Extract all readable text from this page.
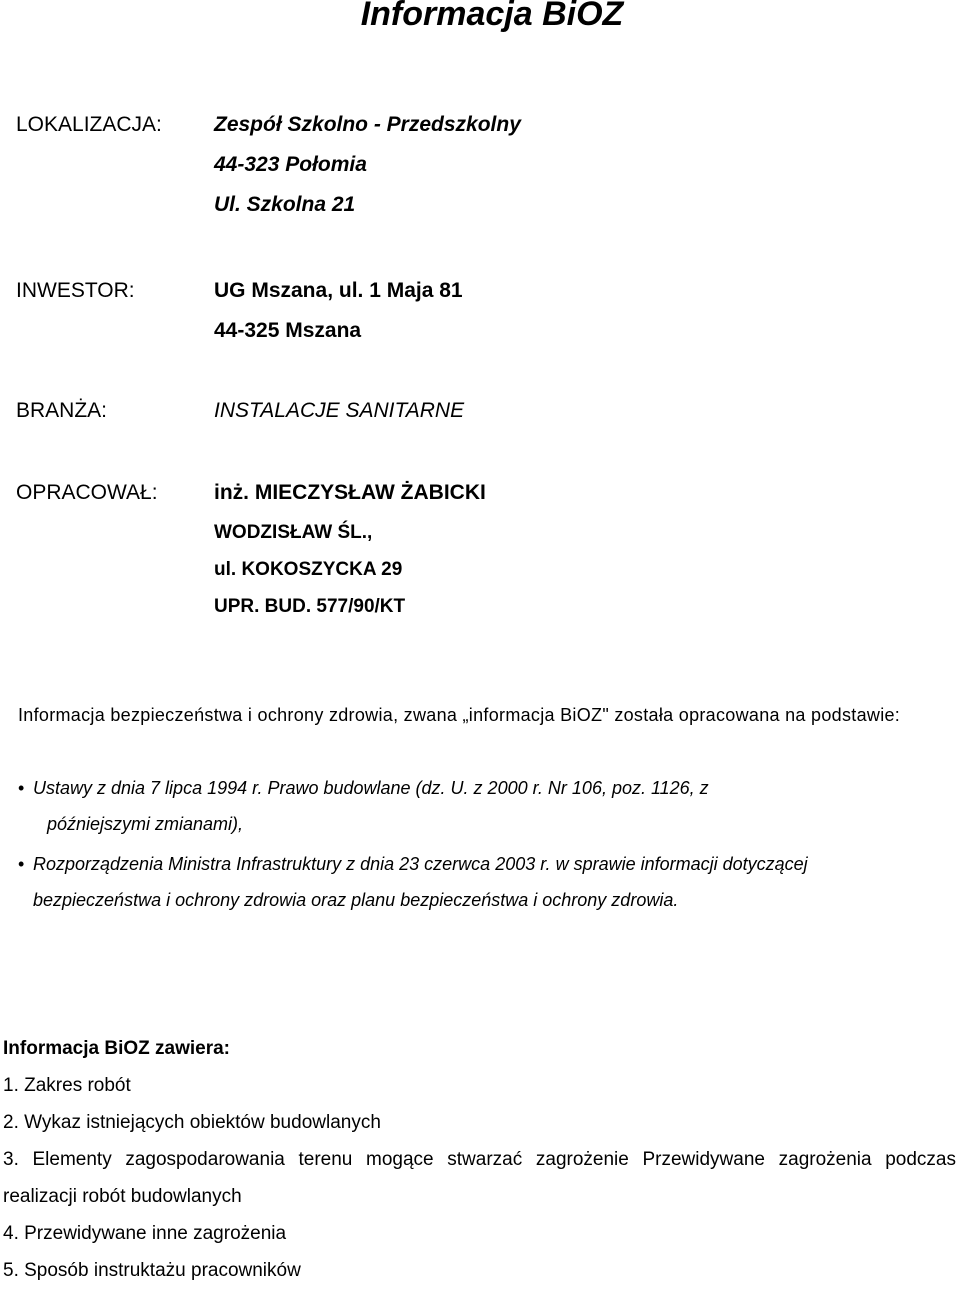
Informacja BiOZ
LOKALIZACJA: Zespół Szkolno - Przedszkolny
44-323 Połomia
Ul. Szkolna 21
INWESTOR:	UG Mszana, ul. 1 Maja 81
44-325 Mszana
BRANŻA:	INSTALACJE SANITARNE
OPRACOWAŁ:	inż. MIECZYSŁAW ŻABICKI
WODZISŁAW ŚL.,
ul. KOKOSZYCKA 29
UPR. BUD. 577/90/KT
Informacja bezpieczeństwa i ochrony zdrowia, zwana „informacja BiOZ" została opracowana na podstawie:
• Ustawy z dnia 7 lipca 1994 r. Prawo budowlane (dz. U. z 2000 r. Nr 106, poz. 1126, z
późniejszymi zmianami),
• Rozporządzenia Ministra Infrastruktury z dnia 23 czerwca 2003 r. w sprawie informacji dotyczącej
bezpieczeństwa i ochrony zdrowia oraz planu bezpieczeństwa i ochrony zdrowia.
Informacja BiOZ zawiera:
1. Zakres robót
2. Wykaz istniejących obiektów budowlanych
3. Elementy zagospodarowania terenu mogące stwarzać zagrożenie Przewidywane zagrożenia podczas realizacji robót budowlanych
4. Przewidywane inne zagrożenia
5. Sposób instruktażu pracowników
